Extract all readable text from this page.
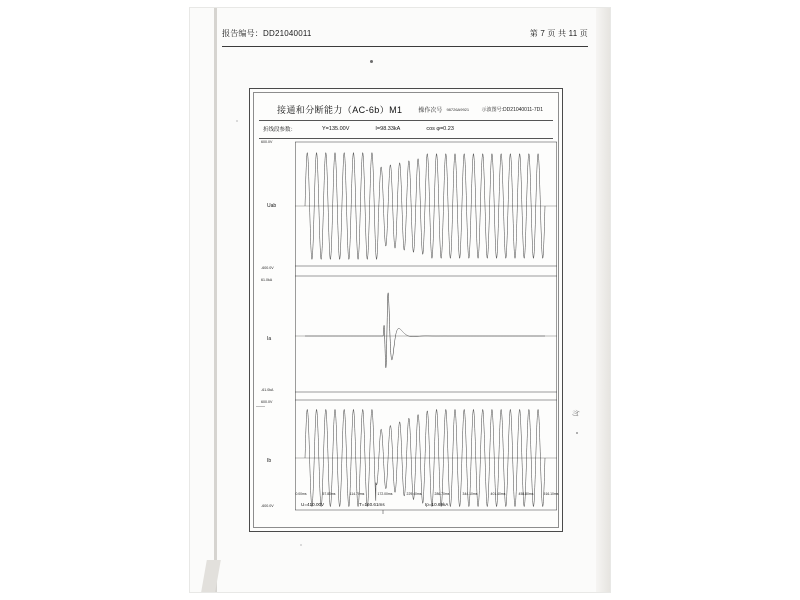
报告编号：DD21040011	第 7 页 共 11 页
接通和分断能力（AC-6b）M1	操作次号	98726A9921	示波图号:DD21040011-7D1
折线段参数：	Y=135.00V	I=98.33kA	cos φ=0.23
600.0V
Uab
-600.0V
61.0kA
Ia
-61.0kA
600.0V
Ib
-600.0V
0.00ms	57.80ms	114.70ms	172.00ms	229.40ms	286.70ms	344.10ms	401.40ms	458.80ms	516.10ms
U=410.00V	T=160.61ms	Ip=10.69kA
勿
